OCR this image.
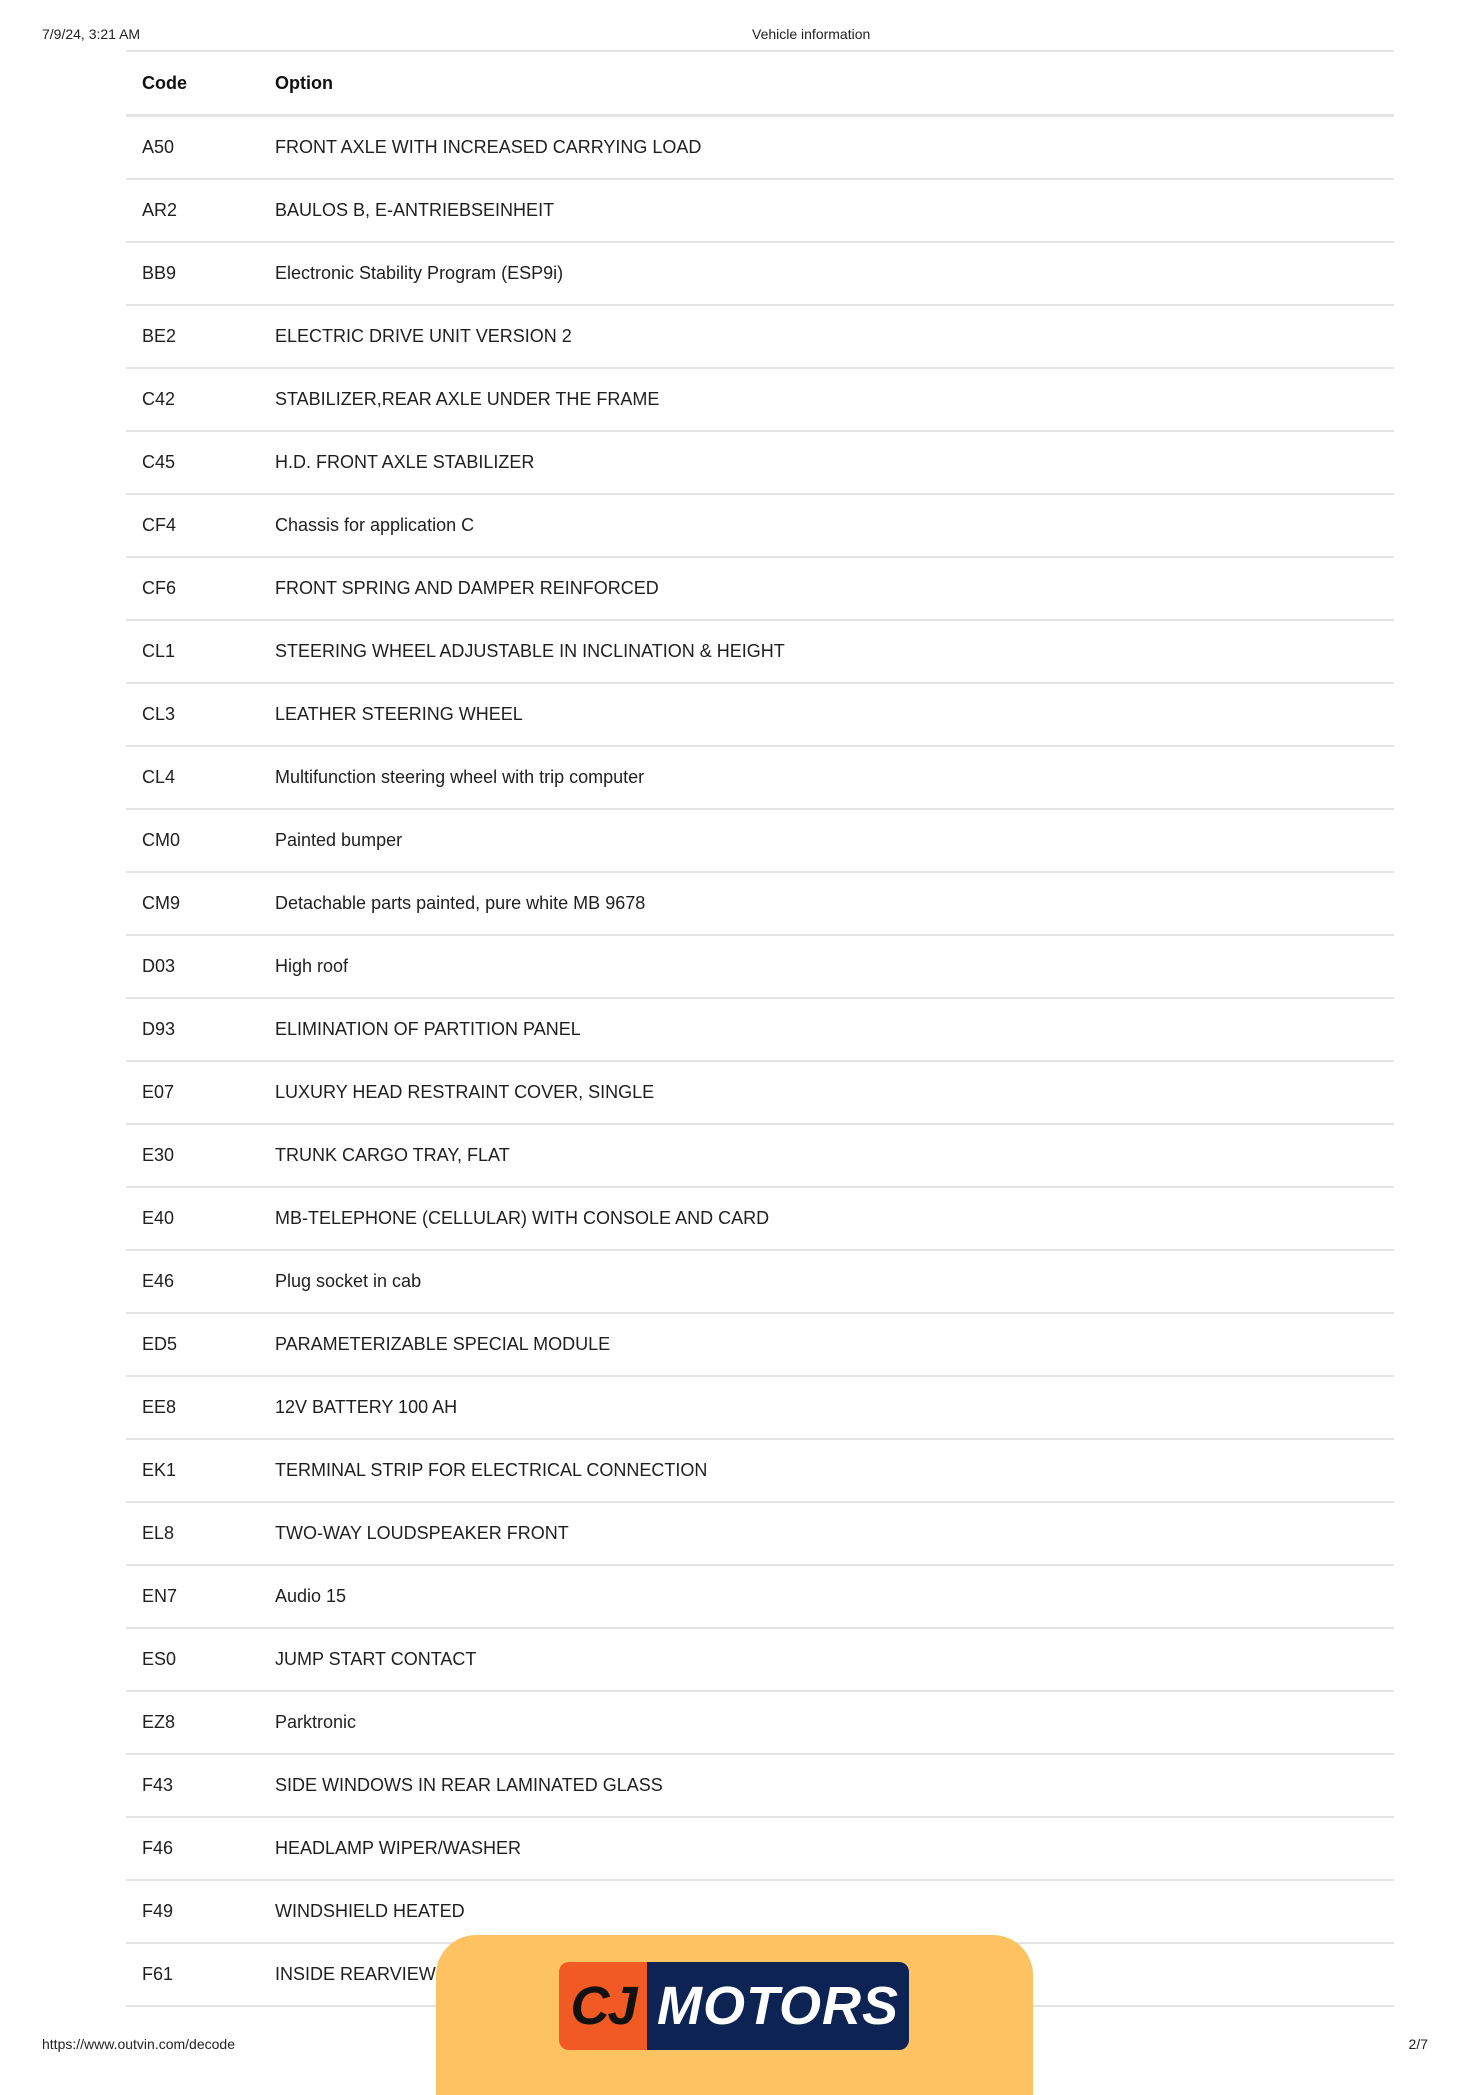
7/9/24, 3:21 AM	Vehicle information
Code	Option
A50	FRONT AXLE WITH INCREASED CARRYING LOAD
AR2	BAULOS B, E-ANTRIEBSEINHEIT
BB9	Electronic Stability Program (ESP9i)
BE2	ELECTRIC DRIVE UNIT VERSION 2
C42	STABILIZER,REAR AXLE UNDER THE FRAME
C45	H.D. FRONT AXLE STABILIZER
CF4	Chassis for application C
CF6	FRONT SPRING AND DAMPER REINFORCED
CL1	STEERING WHEEL ADJUSTABLE IN INCLINATION & HEIGHT
CL3	LEATHER STEERING WHEEL
CL4	Multifunction steering wheel with trip computer
CM0	Painted bumper
CM9	Detachable parts painted, pure white MB 9678
D03	High roof
D93	ELIMINATION OF PARTITION PANEL
E07	LUXURY HEAD RESTRAINT COVER, SINGLE
E30	TRUNK CARGO TRAY, FLAT
E40	MB-TELEPHONE (CELLULAR) WITH CONSOLE AND CARD
E46	Plug socket in cab
ED5	PARAMETERIZABLE SPECIAL MODULE
EE8	12V BATTERY 100 AH
EK1	TERMINAL STRIP FOR ELECTRICAL CONNECTION
EL8	TWO-WAY LOUDSPEAKER FRONT
EN7	Audio 15
ES0	JUMP START CONTACT
EZ8	Parktronic
F43	SIDE WINDOWS IN REAR LAMINATED GLASS
F46	HEADLAMP WIPER/WASHER
F49	WINDSHIELD HEATED
F61	INSIDE REARVIEW
CJ MOTORS
https://www.outvin.com/decode	2/7
